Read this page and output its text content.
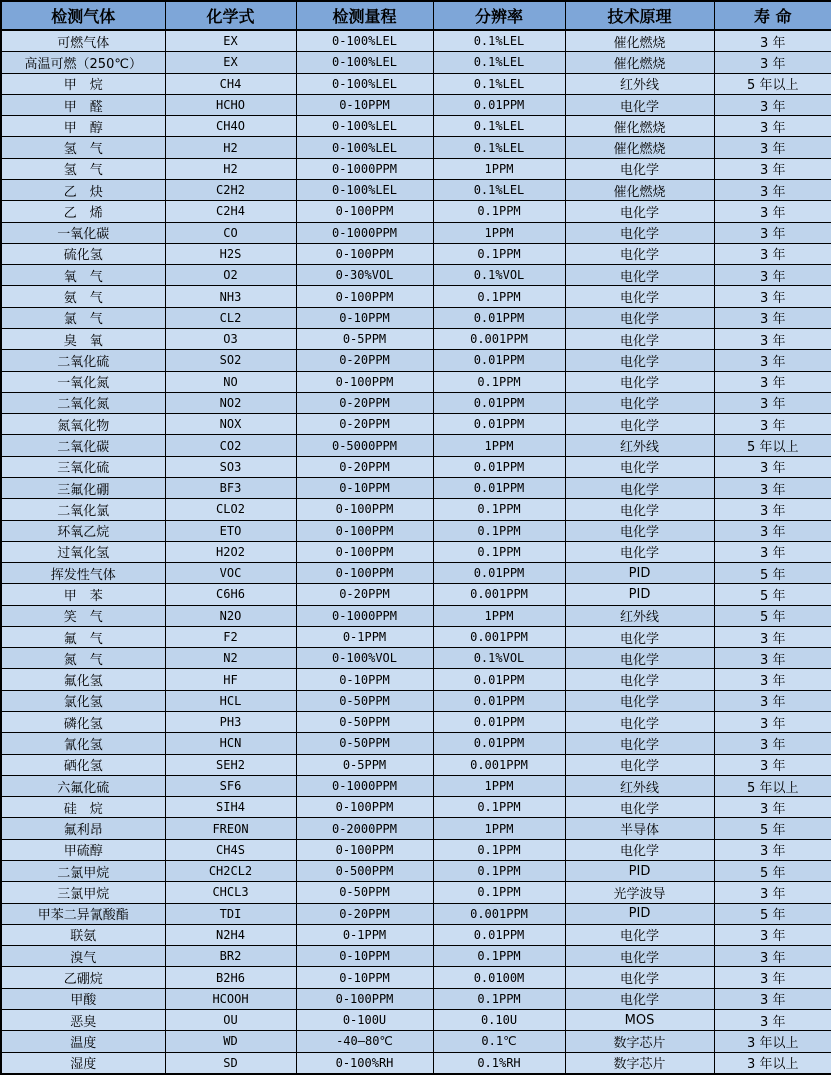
检测气体	化学式	检测量程	分辨率	技术原理	寿 命
可燃气体	EX	0-100%LEL	0.1%LEL	催化燃烧	3 年
高温可燃（250℃）	EX	0-100%LEL	0.1%LEL	催化燃烧	3 年
甲　烷	CH4	0-100%LEL	0.1%LEL	红外线	5 年以上
甲　醛	HCHO	0-10PPM	0.01PPM	电化学	3 年
甲　醇	CH4O	0-100%LEL	0.1%LEL	催化燃烧	3 年
氢　气	H2	0-100%LEL	0.1%LEL	催化燃烧	3 年
氢　气	H2	0-1000PPM	1PPM	电化学	3 年
乙　炔	C2H2	0-100%LEL	0.1%LEL	催化燃烧	3 年
乙　烯	C2H4	0-100PPM	0.1PPM	电化学	3 年
一氧化碳	CO	0-1000PPM	1PPM	电化学	3 年
硫化氢	H2S	0-100PPM	0.1PPM	电化学	3 年
氧　气	O2	0-30%VOL	0.1%VOL	电化学	3 年
氨　气	NH3	0-100PPM	0.1PPM	电化学	3 年
氯　气	CL2	0-10PPM	0.01PPM	电化学	3 年
臭　氧	O3	0-5PPM	0.001PPM	电化学	3 年
二氧化硫	SO2	0-20PPM	0.01PPM	电化学	3 年
一氧化氮	NO	0-100PPM	0.1PPM	电化学	3 年
二氧化氮	NO2	0-20PPM	0.01PPM	电化学	3 年
氮氧化物	NOX	0-20PPM	0.01PPM	电化学	3 年
二氧化碳	CO2	0-5000PPM	1PPM	红外线	5 年以上
三氧化硫	SO3	0-20PPM	0.01PPM	电化学	3 年
三氟化硼	BF3	0-10PPM	0.01PPM	电化学	3 年
二氧化氯	CLO2	0-100PPM	0.1PPM	电化学	3 年
环氧乙烷	ETO	0-100PPM	0.1PPM	电化学	3 年
过氧化氢	H2O2	0-100PPM	0.1PPM	电化学	3 年
挥发性气体	VOC	0-100PPM	0.01PPM	PID	5 年
甲　苯	C6H6	0-20PPM	0.001PPM	PID	5 年
笑　气	N2O	0-1000PPM	1PPM	红外线	5 年
氟　气	F2	0-1PPM	0.001PPM	电化学	3 年
氮　气	N2	0-100%VOL	0.1%VOL	电化学	3 年
氟化氢	HF	0-10PPM	0.01PPM	电化学	3 年
氯化氢	HCL	0-50PPM	0.01PPM	电化学	3 年
磷化氢	PH3	0-50PPM	0.01PPM	电化学	3 年
氰化氢	HCN	0-50PPM	0.01PPM	电化学	3 年
硒化氢	SEH2	0-5PPM	0.001PPM	电化学	3 年
六氟化硫	SF6	0-1000PPM	1PPM	红外线	5 年以上
硅　烷	SIH4	0-100PPM	0.1PPM	电化学	3 年
氟利昂	FREON	0-2000PPM	1PPM	半导体	5 年
甲硫醇	CH4S	0-100PPM	0.1PPM	电化学	3 年
二氯甲烷	CH2CL2	0-500PPM	0.1PPM	PID	5 年
三氯甲烷	CHCL3	0-50PPM	0.1PPM	光学波导	3 年
甲苯二异氰酸酯	TDI	0-20PPM	0.001PPM	PID	5 年
联氨	N2H4	0-1PPM	0.01PPM	电化学	3 年
溴气	BR2	0-10PPM	0.1PPM	电化学	3 年
乙硼烷	B2H6	0-10PPM	0.0100M	电化学	3 年
甲酸	HCOOH	0-100PPM	0.1PPM	电化学	3 年
恶臭	OU	0-100U	0.10U	MOS	3 年
温度	WD	-40—80℃	0.1℃	数字芯片	3 年以上
湿度	SD	0-100%RH	0.1%RH	数字芯片	3 年以上
